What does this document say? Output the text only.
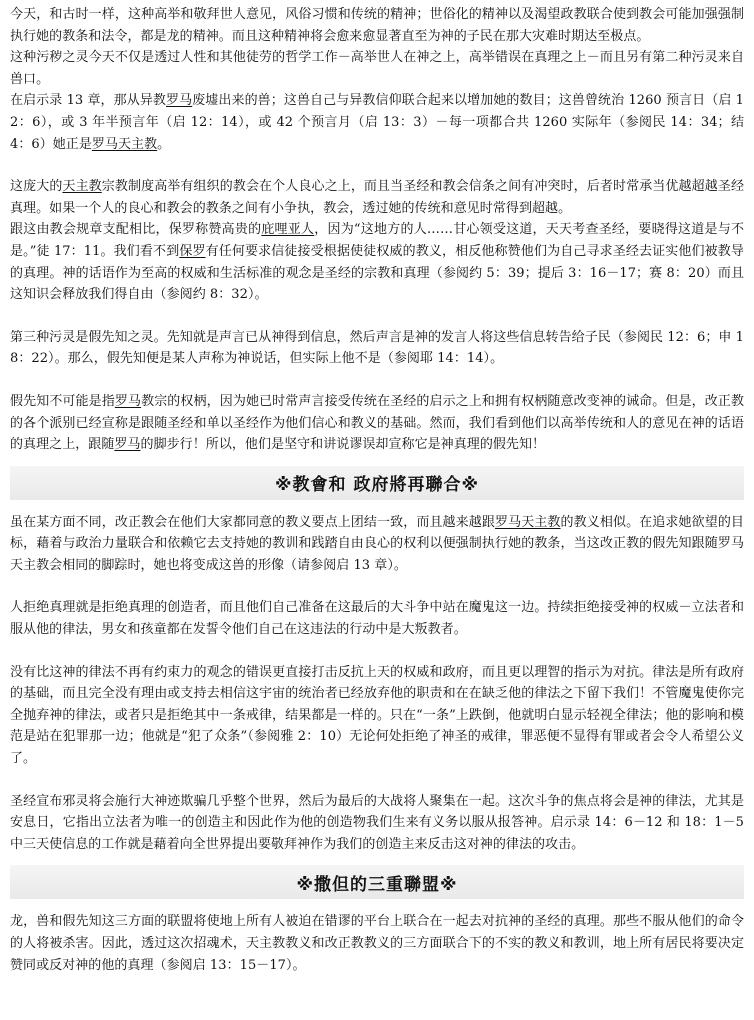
今天，和古时一样，这种高举和敬拜世人意见，风俗习惯和传统的精神；世俗化的精神以及渴望政教联合使到教会可能加强强制执行她的教条和法令，都是龙的精神。而且这种精神将会愈来愈显著直至为神的子民在那大灾难时期达至极点。

这种污秽之灵今天不仅是透过人性和其他徒劳的哲学工作－高举世人在神之上，高举错误在真理之上－而且另有第二种污灵来自兽口。

在启示录 13 章，那从异教罗马废墟出来的兽；这兽自己与异教信仰联合起来以增加她的数目；这兽曾统治 1260 预言日（启 12：6），或 3 年半预言年（启 12：14），或 42 个预言月（启 13：3）－每一项都合共 1260 实际年（参阅民 14：34；结 4：6）她正是罗马天主教。

这庞大的天主教宗教制度高举有组织的教会在个人良心之上，而且当圣经和教会信条之间有冲突时，后者时常承当优越超越圣经真理。如果一个人的良心和教会的教条之间有小争执，教会，透过她的传统和意见时常得到超越。

跟这由教会规章支配相比，保罗称赞高贵的庇哩亚人，因为“这地方的人……甘心领受这道，天天考查圣经，要晓得这道是与不是。”徒 17：11。我们看不到保罗有任何要求信徒接受根据使徒权威的教义，相反他称赞他们为自己寻求圣经去证实他们被教导的真理。神的话语作为至高的权威和生活标准的观念是圣经的宗教和真理（参阅约 5：39；提后 3：16－17；赛 8：20）而且这知识会释放我们得自由（参阅约 8：32）。

第三种污灵是假先知之灵。先知就是声言已从神得到信息，然后声言是神的发言人将这些信息转告给子民（参阅民 12：6；申 18：22）。那么，假先知便是某人声称为神说话，但实际上他不是（参阅耶 14：14）。

假先知不可能是指罗马教宗的权柄，因为她已时常声言接受传统在圣经的启示之上和拥有权柄随意改变神的诫命。但是，改正教的各个派别已经宣称是跟随圣经和单以圣经作为他们信心和教义的基础。然而，我们看到他们以高举传统和人的意见在神的话语的真理之上，跟随罗马的脚步行！所以，他们是坚守和讲说谬误却宣称它是神真理的假先知！

※教會和 政府將再聯合※

虽在某方面不同，改正教会在他们大家都同意的教义要点上团结一致，而且越来越跟罗马天主教的教义相似。在追求她欲望的目标，藉着与政治力量联合和依赖它去支持她的教训和践踏自由良心的权利以便强制执行她的教条，当这改正教的假先知跟随罗马天主教会相同的脚踪时，她也将变成这兽的形像（请参阅启 13 章）。

人拒绝真理就是拒绝真理的创造者，而且他们自己准备在这最后的大斗争中站在魔鬼这一边。持续拒绝接受神的权威－立法者和服从他的律法，男女和孩童都在发誓令他们自己在这违法的行动中是大叛教者。

没有比这神的律法不再有约束力的观念的错误更直接打击反抗上天的权威和政府，而且更以理智的指示为对抗。律法是所有政府的基础，而且完全没有理由或支持去相信这宇宙的统治者已经放弃他的职责和在在缺乏他的律法之下留下我们！不管魔鬼使你完全抛弃神的律法，或者只是拒绝其中一条戒律，结果都是一样的。只在“一条”上跌倒，他就明白显示轻视全律法；他的影响和模范是站在犯罪那一边；他就是“犯了众条”（参阅雅 2：10）无论何处拒绝了神圣的戒律，罪恶便不显得有罪或者会令人希望公义了。

圣经宣布邪灵将会施行大神迹欺骗几乎整个世界，然后为最后的大战将人聚集在一起。这次斗争的焦点将会是神的律法，尤其是安息日，它指出立法者为唯一的创造主和因此作为他的创造物我们生来有义务以服从报答神。启示录 14：6－12 和 18：1－5 中三天使信息的工作就是藉着向全世界提出要敬拜神作为我们的创造主来反击这对神的律法的攻击。

※撒但的三重聯盟※

龙，兽和假先知这三方面的联盟将使地上所有人被迫在错谬的平台上联合在一起去对抗神的圣经的真理。那些不服从他们的命令的人将被杀害。因此，透过这次招魂术，天主教教义和改正教教义的三方面联合下的不实的教义和教训，地上所有居民将要决定赞同或反对神的他的真理（参阅启 13：15－17）。
